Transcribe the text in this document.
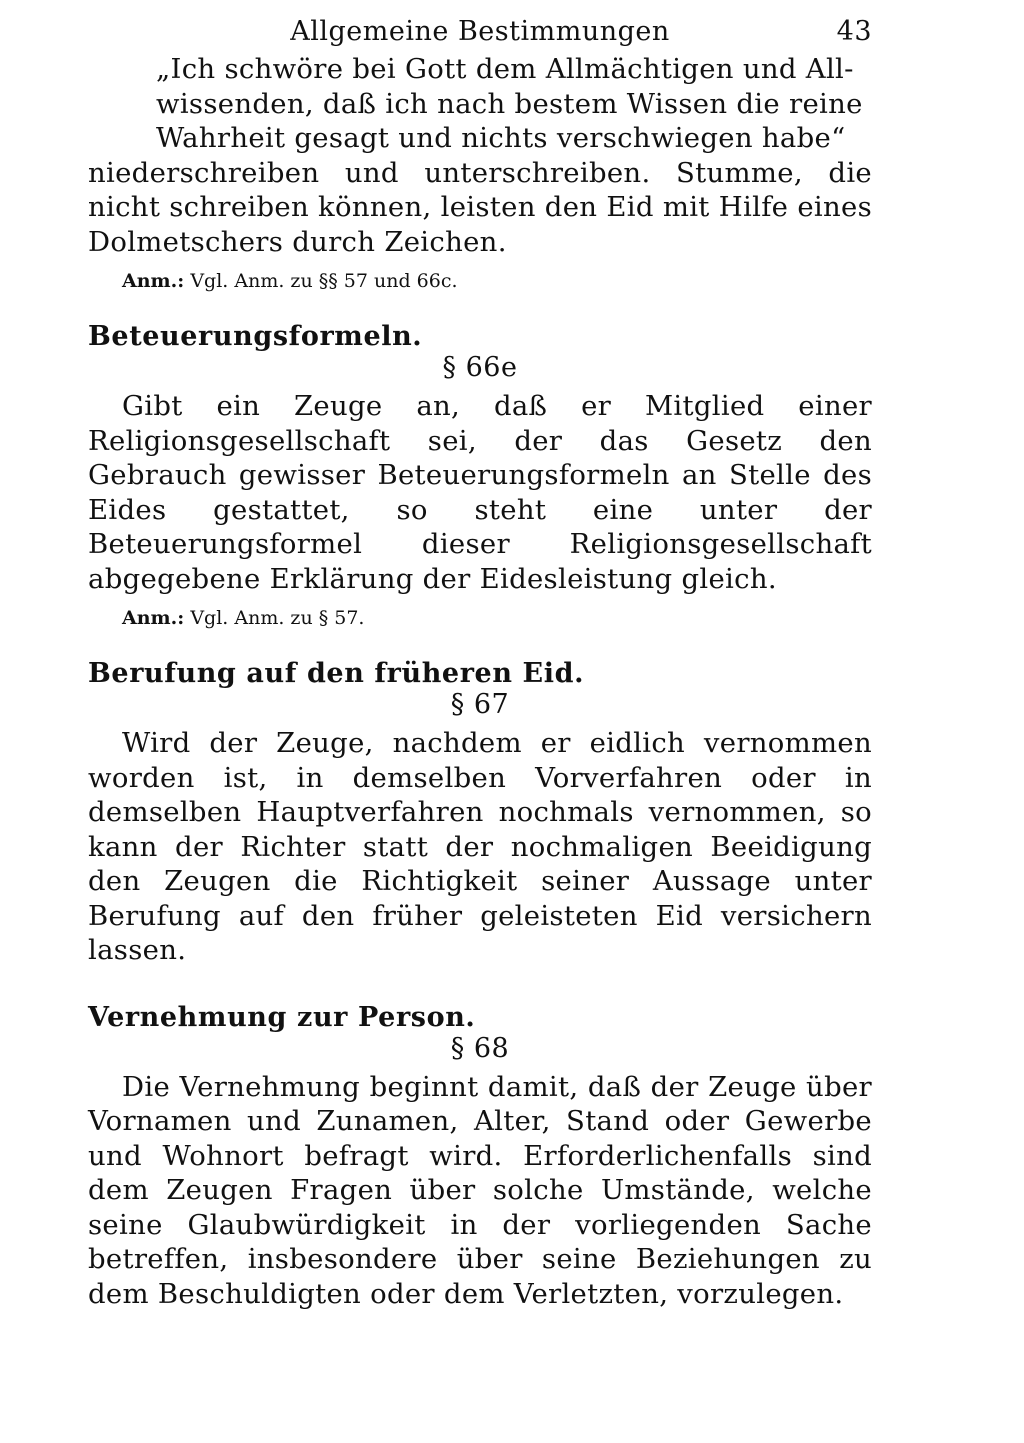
Allgemeine Bestimmungen	43

„Ich schwöre bei Gott dem Allmächtigen und All-
wissenden, daß ich nach bestem Wissen die reine
Wahrheit gesagt und nichts verschwiegen habe“

niederschreiben und unterschreiben. Stumme, die nicht schreiben können, leisten den Eid mit Hilfe eines Dolmetschers durch Zeichen.

Anm.: Vgl. Anm. zu §§ 57 und 66c.

Beteuerungsformeln.

§ 66e

Gibt ein Zeuge an, daß er Mitglied einer Religionsgesellschaft sei, der das Gesetz den Gebrauch gewisser Beteuerungsformeln an Stelle des Eides gestattet, so steht eine unter der Beteuerungsformel dieser Religionsgesellschaft abgegebene Erklärung der Eidesleistung gleich.

Anm.: Vgl. Anm. zu § 57.

Berufung auf den früheren Eid.

§ 67

Wird der Zeuge, nachdem er eidlich vernommen worden ist, in demselben Vorverfahren oder in demselben Hauptverfahren nochmals vernommen, so kann der Richter statt der nochmaligen Beeidigung den Zeugen die Richtigkeit seiner Aussage unter Berufung auf den früher geleisteten Eid versichern lassen.

Vernehmung zur Person.

§ 68

Die Vernehmung beginnt damit, daß der Zeuge über Vornamen und Zunamen, Alter, Stand oder Gewerbe und Wohnort befragt wird. Erforderlichenfalls sind dem Zeugen Fragen über solche Umstände, welche seine Glaubwürdigkeit in der vorliegenden Sache betreffen, insbesondere über seine Beziehungen zu dem Beschuldigten oder dem Verletzten, vorzulegen.
